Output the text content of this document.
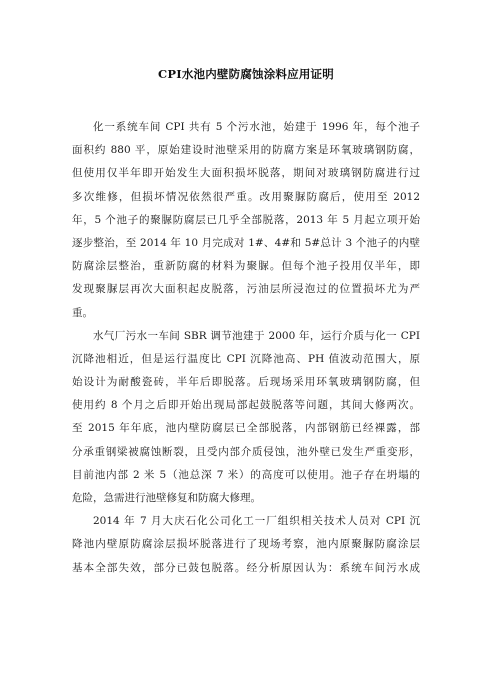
CPI水池内壁防腐蚀涂料应用证明
化一系统车间 CPI 共有 5 个污水池，始建于 1996 年，每个池子
面积约 880 平，原始建设时池壁采用的防腐方案是环氧玻璃钢防腐，
但使用仅半年即开始发生大面积损坏脱落，期间对玻璃钢防腐进行过
多次维修，但损坏情况依然很严重。改用聚脲防腐后，使用至 2012
年，5 个池子的聚脲防腐层已几乎全部脱落，2013 年 5 月起立项开始
逐步整治，至 2014 年 10 月完成对 1#、4#和 5#总计 3 个池子的内壁
防腐涂层整治，重新防腐的材料为聚脲。但每个池子投用仅半年，即
发现聚脲层再次大面积起皮脱落，污油层所浸泡过的位置损坏尤为严
重。
水气厂污水一车间 SBR 调节池建于 2000 年，运行介质与化一 CPI
沉降池相近，但是运行温度比 CPI 沉降池高、PH 值波动范围大，原
始设计为耐酸瓷砖，半年后即脱落。后现场采用环氧玻璃钢防腐，但
使用约 8 个月之后即开始出现局部起鼓脱落等问题，其间大修两次。
至 2015 年年底，池内壁防腐层已全部脱落，内部钢筋已经裸露，部
分承重钢梁被腐蚀断裂，且受内部介质侵蚀，池外壁已发生严重变形，
目前池内部 2 米 5（池总深 7 米）的高度可以使用。池子存在坍塌的
危险，急需进行池壁修复和防腐大修理。
2014 年 7 月大庆石化公司化工一厂组织相关技术人员对 CPI 沉
降池内壁原防腐涂层损坏脱落进行了现场考察，池内原聚脲防腐涂层
基本全部失效，部分已鼓包脱落。经分析原因认为：系统车间污水成
